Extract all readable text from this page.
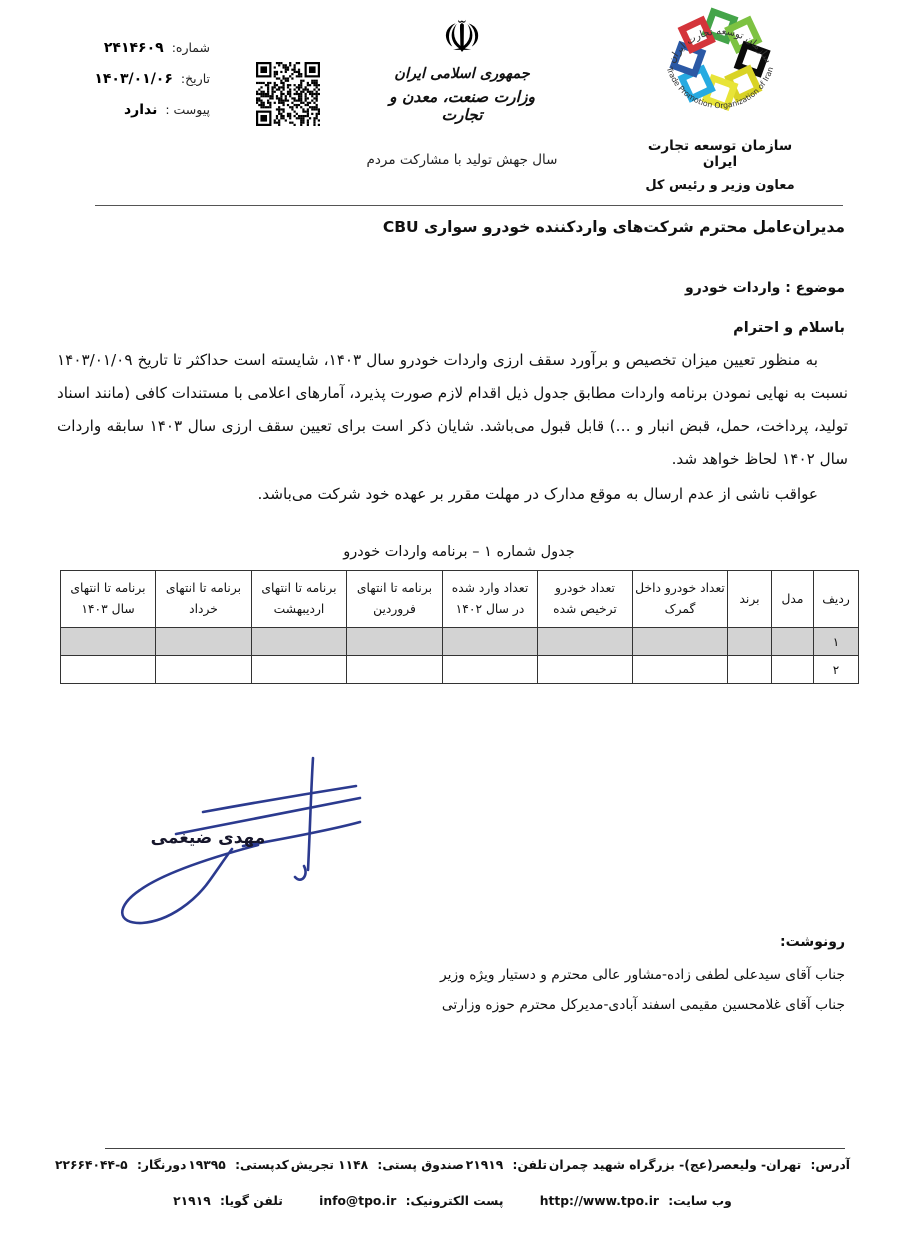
شماره:
۲۴۱۴۶۰۹
تاریخ:
۱۴۰۳/۰۱/۰۶
پیوست :
ندارد
☫
جمهوری اسلامی ایران
وزارت صنعت، معدن و تجارت
سال جهش تولید با مشارکت مردم
سازمان توسعه تجارت ایران
Trade Promotion Organization of Iran
سازمان توسعه تجارت ایران
معاون وزیر و رئیس کل
مدیران‌عامل محترم شرکت‌های واردکننده خودرو سواری CBU
موضوع : واردات خودرو
باسلام و احترام

به منظور تعیین میزان تخصیص و برآورد سقف ارزی واردات خودرو سال ۱۴۰۳، شایسته است حداکثر تا تاریخ ۱۴۰۳/۰۱/۰۹ نسبت به نهایی نمودن برنامه واردات مطابق جدول ذیل اقدام لازم صورت پذیرد، آمارهای اعلامی با مستندات کافی (مانند اسناد تولید، پرداخت، حمل، قبض انبار و …) قابل قبول می‌باشد. شایان ذکر است برای تعیین سقف ارزی سال ۱۴۰۳ سابقه واردات سال ۱۴۰۲ لحاظ خواهد شد.

عواقب ناشی از عدم ارسال به موقع مدارک در مهلت مقرر بر عهده خود شرکت می‌باشد.

جدول شماره ۱ – برنامه واردات خودرو
ردیف	مدل	برند	تعداد خودرو داخل گمرک	تعداد خودرو ترخیص شده	تعداد وارد شده در سال ۱۴۰۲	برنامه تا انتهای فروردین	برنامه تا انتهای اردیبهشت	برنامه تا انتهای خرداد	برنامه تا انتهای سال ۱۴۰۳
۱									
۲									
مهدی ضیغمی
رونوشت:
جناب آقای سیدعلی لطفی زاده-مشاور عالی محترم و دستیار ویژه وزیر
جناب آقای غلامحسین مقیمی اسفند آبادی-مدیرکل محترم حوزه وزارتی
آدرس: تهران- ولیعصر(عج)- بزرگراه شهید چمران
تلفن: ۲۱۹۱۹
صندوق پستی: ۱۱۴۸ تجریش
کدپستی: ۱۹۳۹۵
دورنگار: ۵-۲۲۶۶۴۰۴۴
وب سایت: http://www.tpo.ir پست الکترونیک: info@tpo.ir تلفن گویا: ۲۱۹۱۹
